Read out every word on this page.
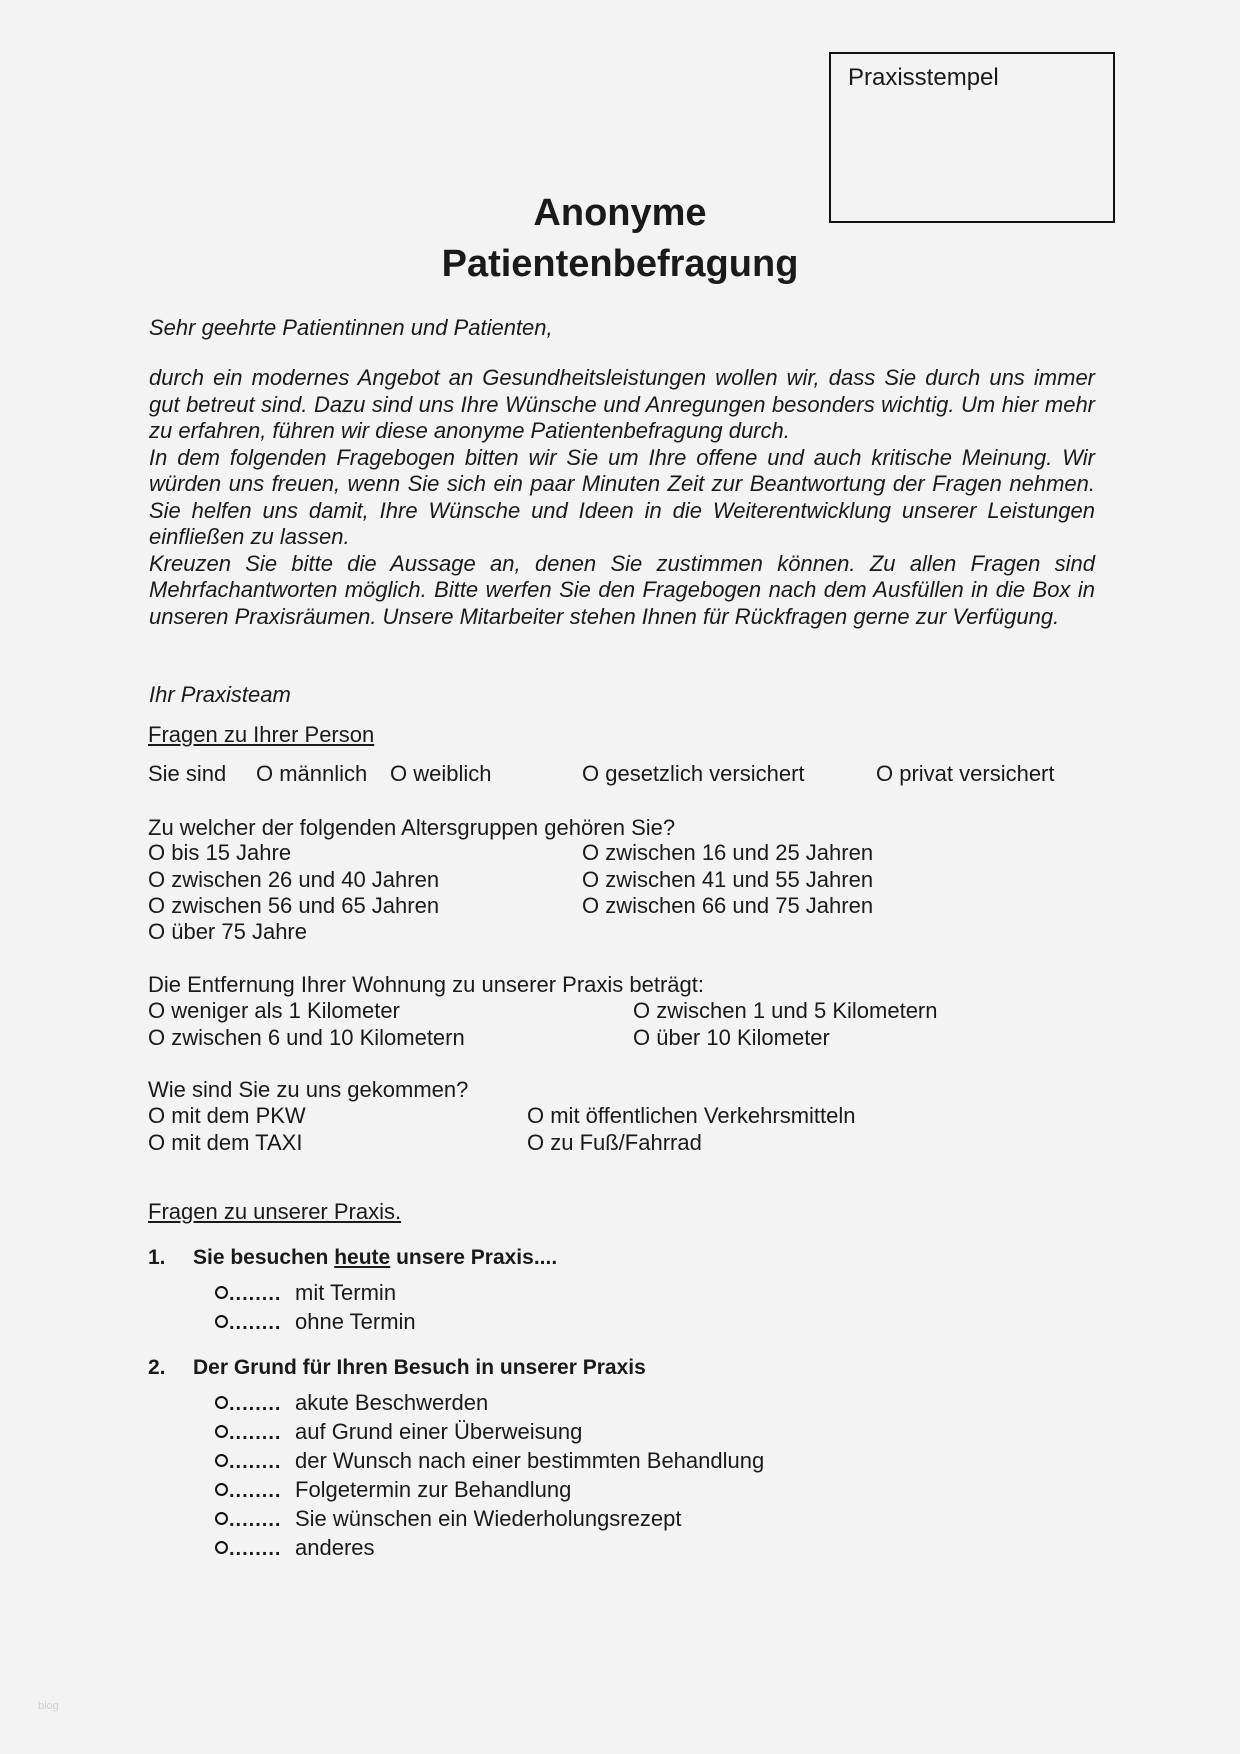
Praxisstempel
Anonyme
Patientenbefragung
Sehr geehrte Patientinnen und Patienten,

durch ein modernes Angebot an Gesundheitsleistungen wollen wir, dass Sie durch uns immer gut betreut sind. Dazu sind uns Ihre Wünsche und Anregungen besonders wichtig. Um hier mehr zu erfahren, führen wir diese anonyme Patientenbefragung durch.

In dem folgenden Fragebogen bitten wir Sie um Ihre offene und auch kritische Meinung. Wir würden uns freuen, wenn Sie sich ein paar Minuten Zeit zur Beantwortung der Fragen nehmen. Sie helfen uns damit, Ihre Wünsche und Ideen in die Weiterentwicklung unserer Leistungen einfließen zu lassen.

Kreuzen Sie bitte die Aussage an, denen Sie zustimmen können. Zu allen Fragen sind Mehrfachantworten möglich. Bitte werfen Sie den Fragebogen nach dem Ausfüllen in die Box in unseren Praxisräumen. Unsere Mitarbeiter stehen Ihnen für Rückfragen gerne zur Verfügung.

Ihr Praxisteam
Fragen zu Ihrer Person
Sie sind O männlich O weiblich	O gesetzlich versichert	O privat versichert
Zu welcher der folgenden Altersgruppen gehören Sie?
O bis 15 Jahre	O zwischen 16 und 25 Jahren
O zwischen 26 und 40 Jahren	O zwischen 41 und 55 Jahren
O zwischen 56 und 65 Jahren	O zwischen 66 und 75 Jahren
O über 75 Jahre
Die Entfernung Ihrer Wohnung zu unserer Praxis beträgt:
O weniger als 1 Kilometer	O zwischen 1 und 5 Kilometern
O zwischen 6 und 10 Kilometern	O über 10 Kilometer
Wie sind Sie zu uns gekommen?
O mit dem PKW	O mit öffentlichen Verkehrsmitteln
O mit dem TAXI	O zu Fuß/Fahrrad
Fragen zu unserer Praxis.
1. Sie besuchen heute unsere Praxis....
........ mit Termin
........ ohne Termin
2. Der Grund für Ihren Besuch in unserer Praxis
........ akute Beschwerden
........ auf Grund einer Überweisung
........ der Wunsch nach einer bestimmten Behandlung
........ Folgetermin zur Behandlung
........ Sie wünschen ein Wiederholungsrezept
........ anderes
blog
